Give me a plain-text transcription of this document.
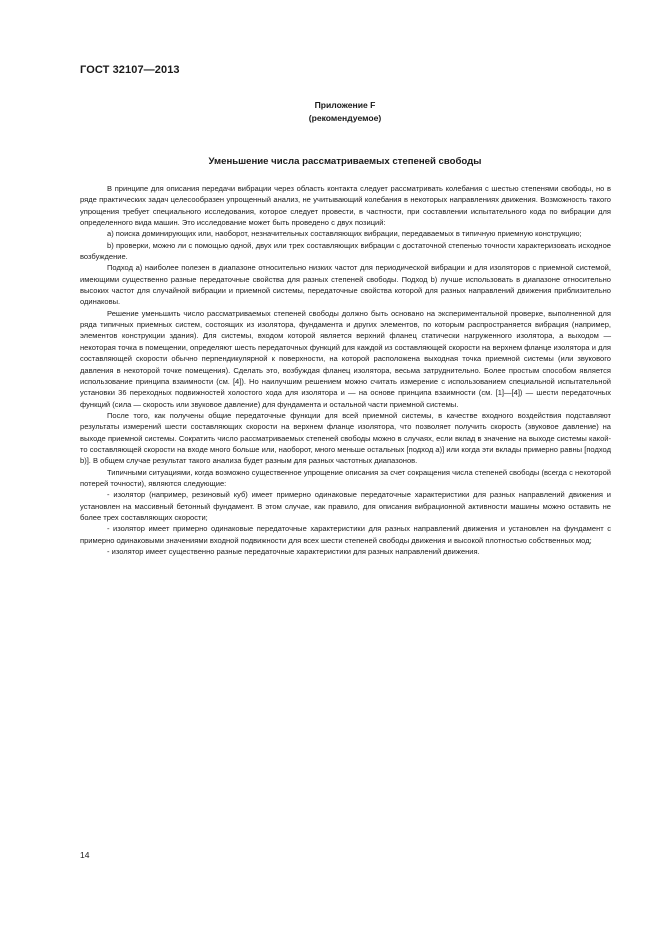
ГОСТ 32107—2013
Приложение F
(рекомендуемое)
Уменьшение числа рассматриваемых степеней свободы

В принципе для описания передачи вибрации через область контакта следует рассматривать колебания с шестью степенями свободы, но в ряде практических задач целесообразен упрощенный анализ, не учитывающий колебания в некоторых направлениях движения. Возможность такого упрощения требует специального исследования, которое следует провести, в частности, при составлении испытательного кода по вибрации для определенного вида машин. Это исследование может быть проведено с двух позиций:

а) поиска доминирующих или, наоборот, незначительных составляющих вибрации, передаваемых в типичную приемную конструкцию;

b) проверки, можно ли с помощью одной, двух или трех составляющих вибрации с достаточной степенью точности характеризовать исходное возбуждение.

Подход а) наиболее полезен в диапазоне относительно низких частот для периодической вибрации и для изоляторов с приемной системой, имеющими существенно разные передаточные свойства для разных степеней свободы. Подход b) лучше использовать в диапазоне относительно высоких частот для случайной вибрации и приемной системы, передаточные свойства которой для разных направлений движения приблизительно одинаковы.

Решение уменьшить число рассматриваемых степеней свободы должно быть основано на экспериментальной проверке, выполненной для ряда типичных приемных систем, состоящих из изолятора, фундамента и других элементов, по которым распространяется вибрация (например, элементов конструкции здания). Для системы, входом которой является верхний фланец статически нагруженного изолятора, а выходом — некоторая точка в помещении, определяют шесть передаточных функций для каждой из составляющей скорости на верхнем фланце изолятора и для составляющей скорости обычно перпендикулярной к поверхности, на которой расположена выходная точка приемной системы (или звукового давления в некоторой точке помещения). Сделать это, возбуждая фланец изолятора, весьма затруднительно. Более простым способом является использование принципа взаимности (см. [4]). Но наилучшим решением можно считать измерение с использованием специальной испытательной установки 36 переходных подвижностей холостого хода для изолятора и — на основе принципа взаимности (см. [1]—[4]) — шести передаточных функций (сила — скорость или звуковое давление) для фундамента и остальной части приемной системы.

После того, как получены общие передаточные функции для всей приемной системы, в качестве входного воздействия подставляют результаты измерений шести составляющих скорости на верхнем фланце изолятора, что позволяет получить скорость (звуковое давление) на выходе приемной системы. Сократить число рассматриваемых степеней свободы можно в случаях, если вклад в значение на выходе системы какой-то составляющей скорости на входе много больше или, наоборот, много меньше остальных [подход а)] или когда эти вклады примерно равны [подход b)]. В общем случае результат такого анализа будет разным для разных частотных диапазонов.

Типичными ситуациями, когда возможно существенное упрощение описания за счет сокращения числа степеней свободы (всегда с некоторой потерей точности), являются следующие:

- изолятор (например, резиновый куб) имеет примерно одинаковые передаточные характеристики для разных направлений движения и установлен на массивный бетонный фундамент. В этом случае, как правило, для описания вибрационной активности машины можно оставить не более трех составляющих скорости;

- изолятор имеет примерно одинаковые передаточные характеристики для разных направлений движения и установлен на фундамент с примерно одинаковыми значениями входной подвижности для всех шести степеней свободы движения и высокой плотностью собственных мод;

- изолятор имеет существенно разные передаточные характеристики для разных направлений движения.

14
